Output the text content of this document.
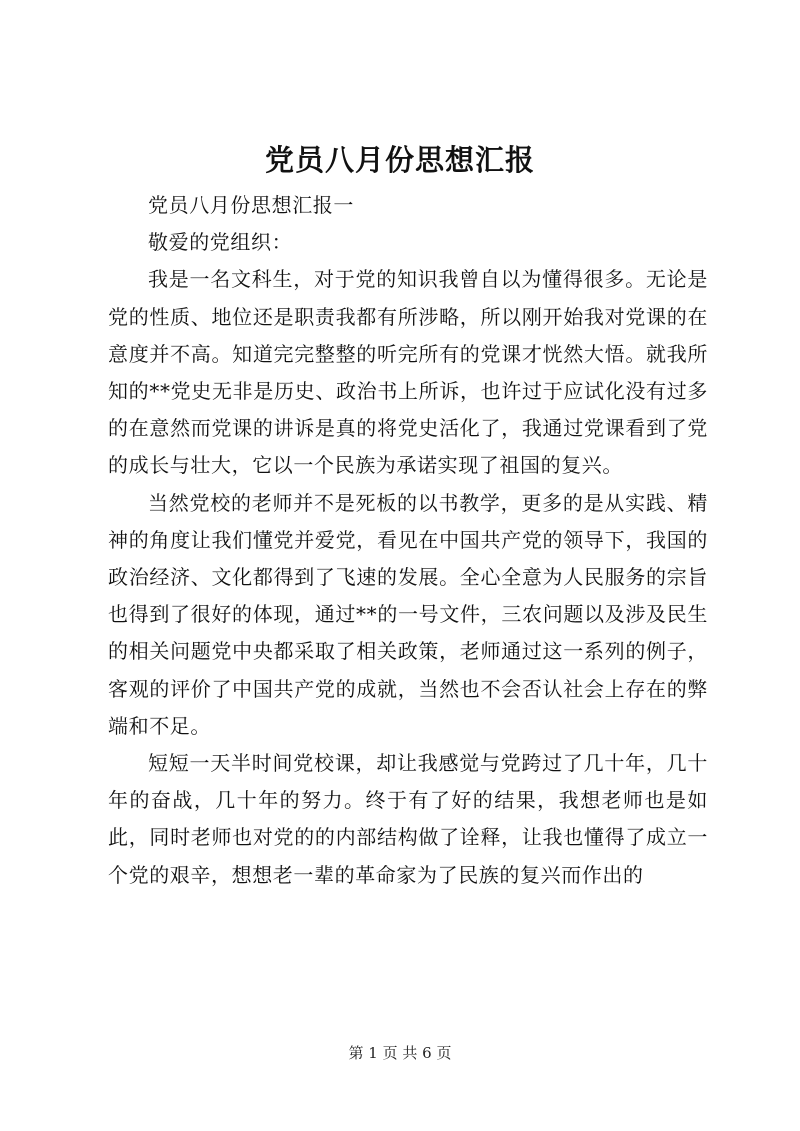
党员八月份思想汇报

党员八月份思想汇报一

敬爱的党组织：

我是一名文科生，对于党的知识我曾自以为懂得很多。无论是党的性质、地位还是职责我都有所涉略，所以刚开始我对党课的在意度并不高。知道完完整整的听完所有的党课才恍然大悟。就我所知的**党史无非是历史、政治书上所诉，也许过于应试化没有过多的在意然而党课的讲诉是真的将党史活化了，我通过党课看到了党的成长与壮大，它以一个民族为承诺实现了祖国的复兴。

当然党校的老师并不是死板的以书教学，更多的是从实践、精神的角度让我们懂党并爱党，看见在中国共产党的领导下，我国的政治经济、文化都得到了飞速的发展。全心全意为人民服务的宗旨也得到了很好的体现，通过**的一号文件，三农问题以及涉及民生的相关问题党中央都采取了相关政策，老师通过这一系列的例子，客观的评价了中国共产党的成就，当然也不会否认社会上存在的弊端和不足。

短短一天半时间党校课，却让我感觉与党跨过了几十年，几十年的奋战，几十年的努力。终于有了好的结果，我想老师也是如此，同时老师也对党的的内部结构做了诠释，让我也懂得了成立一个党的艰辛，想想老一辈的革命家为了民族的复兴而作出的

第 1 页 共 6 页
